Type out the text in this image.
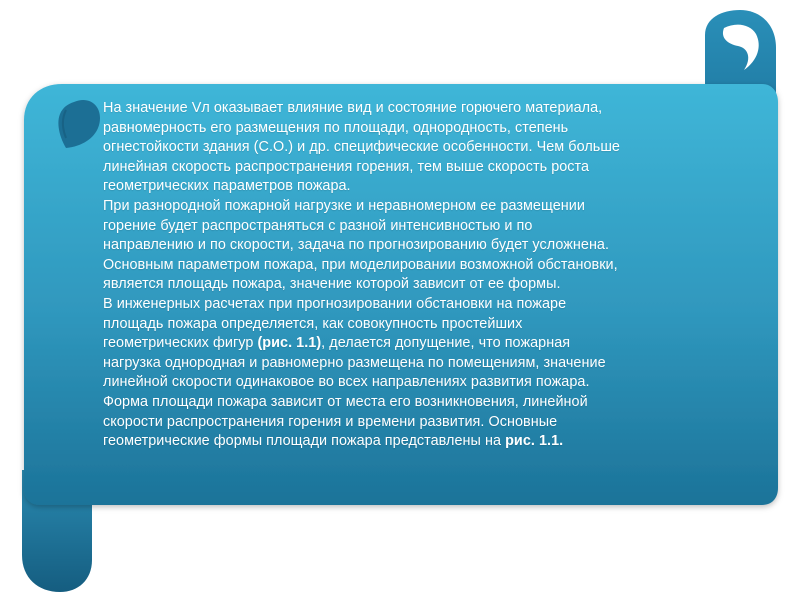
На значение Vл оказывает влияние вид и состояние горючего материала,
равномерность его размещения по площади, однородность, степень
огнестойкости здания (С.О.) и др. специфические особенности. Чем больше
линейная скорость распространения горения, тем выше скорость роста
геометрических параметров пожара.
При разнородной пожарной нагрузке и неравномерном ее размещении
горение будет распространяться с разной интенсивностью и по
направлению и по скорости, задача по прогнозированию будет усложнена.
Основным параметром пожара, при моделировании возможной обстановки,
является площадь пожара, значение которой зависит от ее формы.
В инженерных расчетах при прогнозировании обстановки на пожаре
площадь пожара определяется, как совокупность простейших
геометрических фигур (рис. 1.1), делается допущение, что пожарная
нагрузка однородная и равномерно размещена по помещениям, значение
линейной скорости одинаковое во всех направлениях развития пожара.
Форма площади пожара зависит от места его возникновения, линейной
скорости распространения горения и времени развития. Основные
геометрические формы площади пожара представлены на рис. 1.1.
